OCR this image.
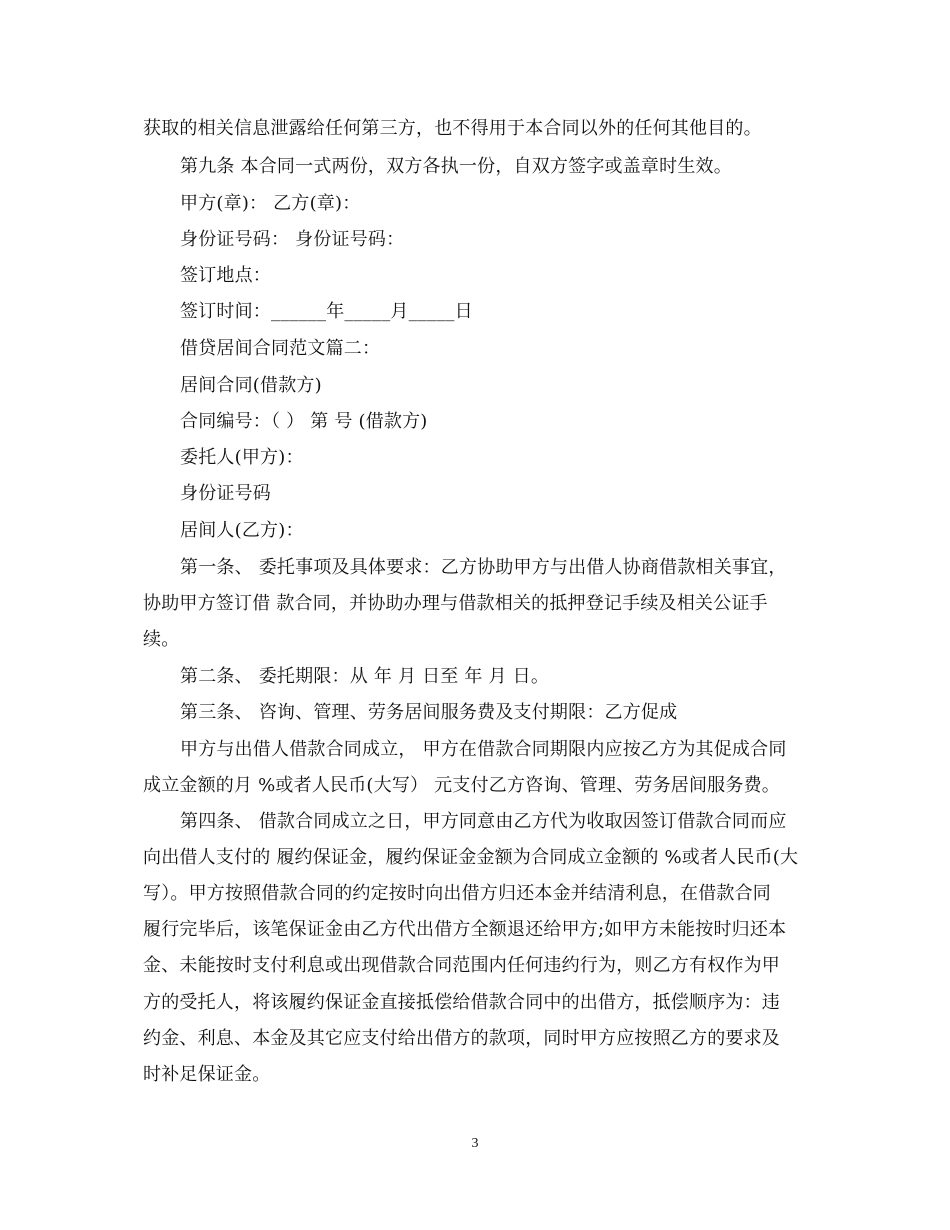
获取的相关信息泄露给任何第三方，也不得用于本合同以外的任何其他目的。
第九条 本合同一式两份，双方各执一份，自双方签字或盖章时生效。
甲方(章)： 乙方(章)：
身份证号码： 身份证号码：
签订地点：
签订时间：______年_____月_____日
借贷居间合同范文篇二：
居间合同(借款方)
合同编号：（ ） 第 号 (借款方)
委托人(甲方)：
身份证号码
居间人(乙方)：
第一条、 委托事项及具体要求：乙方协助甲方与出借人协商借款相关事宜，
协助甲方签订借 款合同，并协助办理与借款相关的抵押登记手续及相关公证手
续。
第二条、 委托期限：从 年 月 日至 年 月 日。
第三条、 咨询、管理、劳务居间服务费及支付期限：乙方促成
甲方与出借人借款合同成立， 甲方在借款合同期限内应按乙方为其促成合同
成立金额的月 %或者人民币(大写） 元支付乙方咨询、管理、劳务居间服务费。
第四条、 借款合同成立之日，甲方同意由乙方代为收取因签订借款合同而应
向出借人支付的 履约保证金，履约保证金金额为合同成立金额的 %或者人民币(大
写）。甲方按照借款合同的约定按时向出借方归还本金并结清利息，在借款合同
履行完毕后，该笔保证金由乙方代出借方全额退还给甲方;如甲方未能按时归还本
金、未能按时支付利息或出现借款合同范围内任何违约行为，则乙方有权作为甲
方的受托人，将该履约保证金直接抵偿给借款合同中的出借方，抵偿顺序为：违
约金、利息、本金及其它应支付给出借方的款项，同时甲方应按照乙方的要求及
时补足保证金。
3
